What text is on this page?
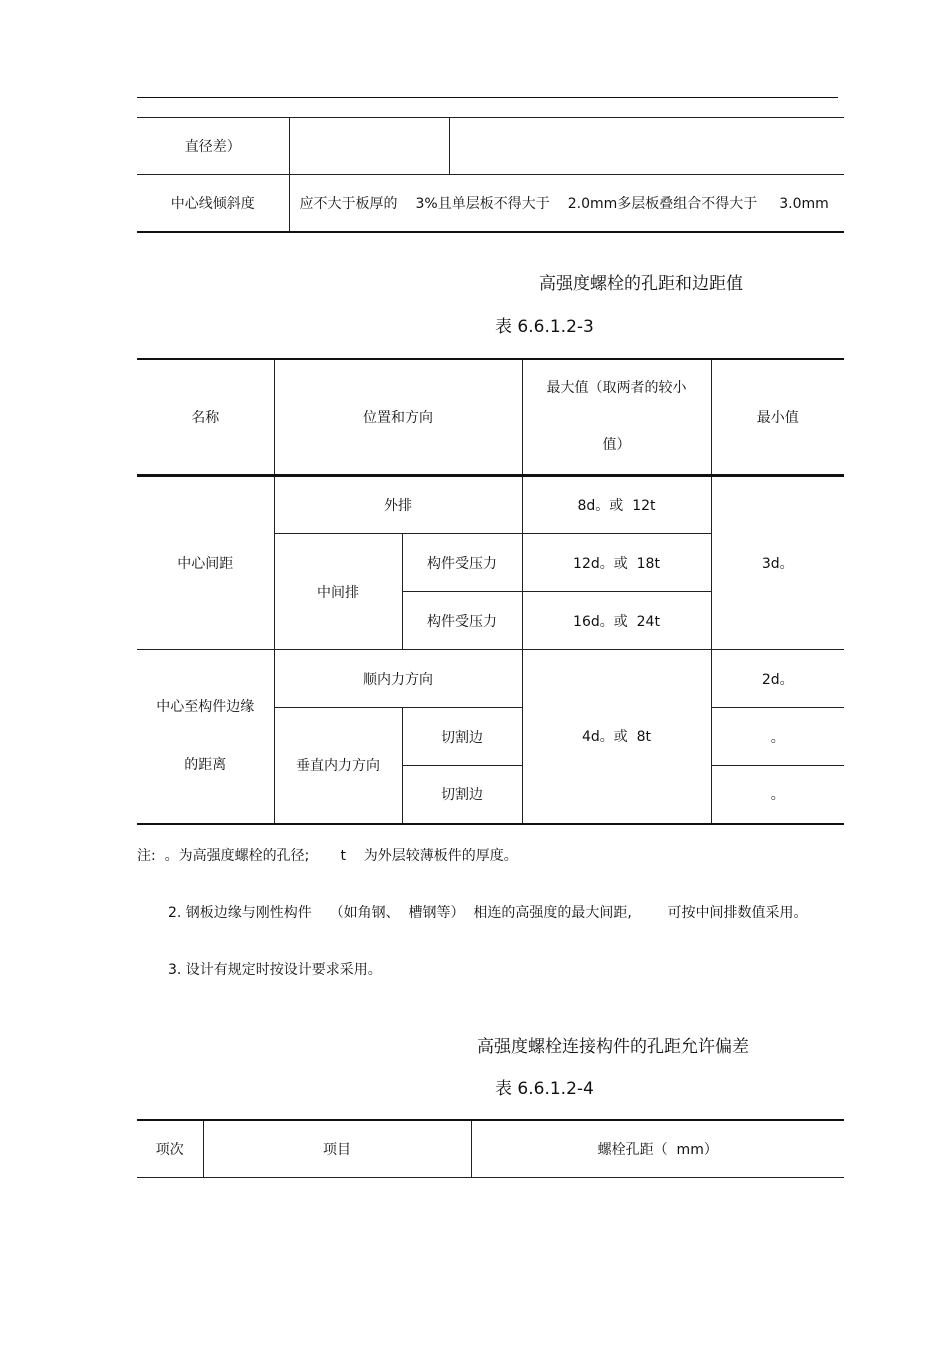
直径差）		
中心线倾斜度	应不大于板厚的 3%且单层板不得大于 2.0mm多层板叠组合不得大于 3.0mm	
高强度螺栓的孔距和边距值
表 6.6.1.2-3
名称	位置和方向		最大值（取两者的较小
值）	最小值
中心间距	外排		8d。或  12t	3d。
	中间排	构件受压力	12d。或  18t	
		构件受压力	16d。或  24t	

中心至构件边缘
的距离	顺内力方向		4d。或  8t	2d。
	垂直内力方向	切割边		。
		切割边		。
注:  。为高强度螺栓的孔径;       t    为外层较薄板件的厚度。
2. 钢板边缘与刚性构件    （如角钢、  槽钢等）  相连的高强度的最大间距,        可按中间排数值采用。
3. 设计有规定时按设计要求采用。
高强度螺栓连接构件的孔距允许偏差
表 6.6.1.2-4
项次	项目	螺栓孔距（  mm）
